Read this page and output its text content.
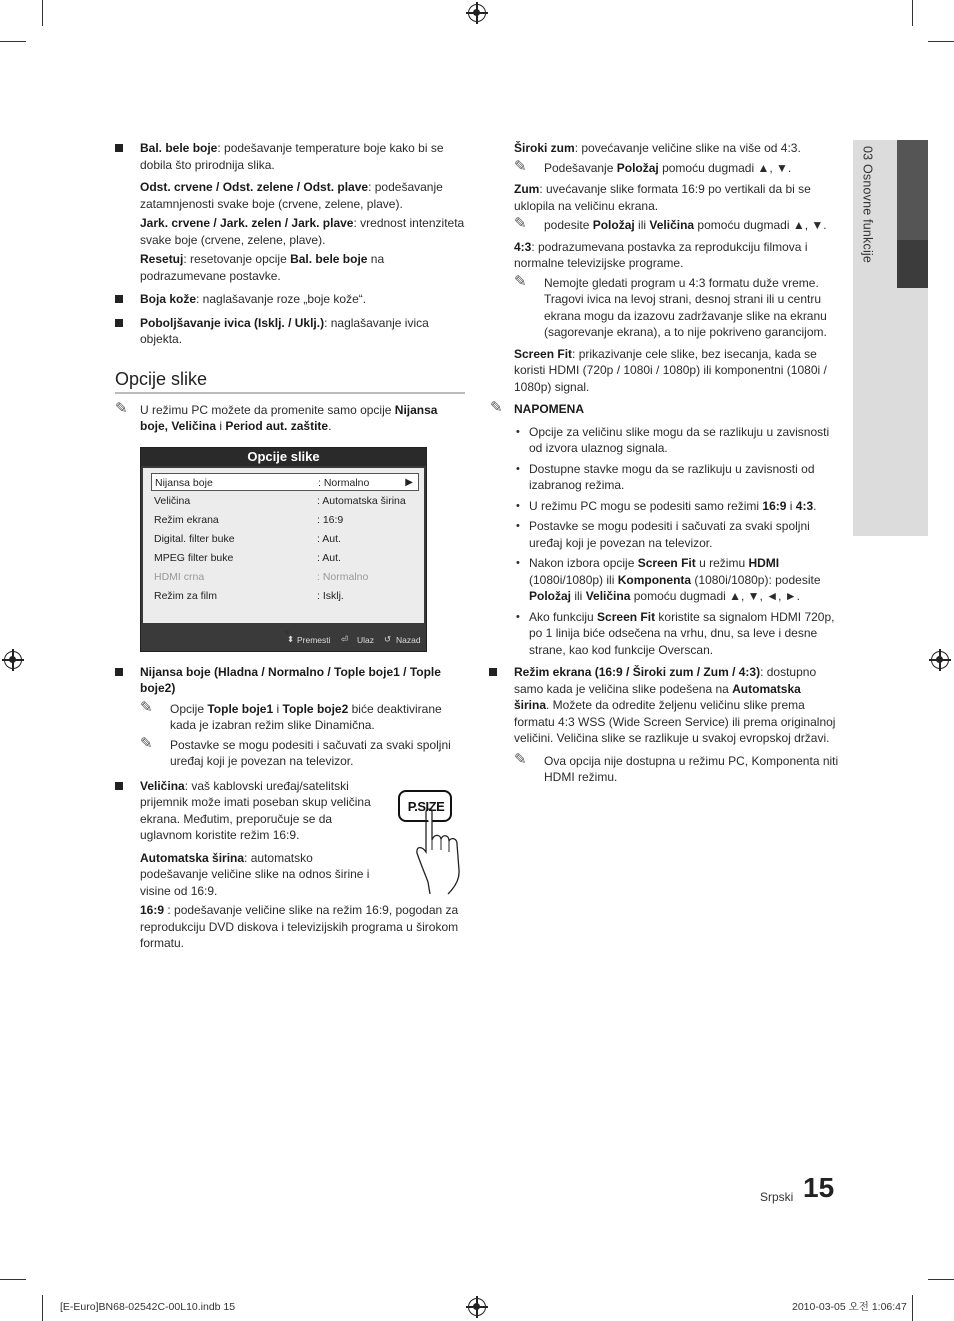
03 Osnovne funkcije
Bal. bele boje: podešavanje temperature boje kako bi se dobila što prirodnija slika.

Odst. crvene / Odst. zelene / Odst. plave: podešavanje zatamnjenosti svake boje (crvene, zelene, plave).

Jark. crvene / Jark. zelen / Jark. plave: vrednost intenziteta svake boje (crvene, zelene, plave).

Resetuj: resetovanje opcije Bal. bele boje na podrazumevane postavke.

Boja kože: naglašavanje roze „boje kože“.
Poboljšavanje ivica (Isklj. / Uklj.): naglašavanje ivica objekta.
Opcije slike
✎ U režimu PC možete da promenite samo opcije Nijansa boje, Veličina i Period aut. zaštite.
Opcije slike
Nijansa boje	: Normalno	▶
Veličina	: Automatska širina
Režim ekrana	: 16:9
Digital. filter buke	: Aut.
MPEG filter buke	: Aut.
HDMI crna	: Normalno
Režim za film	: Isklj.
▼
⬍ Premesti ⏎ Ulaz ↺ Nazad
Nijansa boje (Hladna / Normalno / Tople boje1 / Tople boje2)
✎ Opcije Tople boje1 i Tople boje2 biće deaktivirane kada je izabran režim slike Dinamična.
✎ Postavke se mogu podesiti i sačuvati za svaki spoljni uređaj koji je povezan na televizor.
Veličina: vaš kablovski uređaj/satelitski prijemnik može imati poseban skup veličina ekrana. Međutim, preporučuje se da uglavnom koristite režim 16:9.

Automatska širina: automatsko podešavanje veličine slike na odnos širine i visine od 16:9.

16:9 : podešavanje veličine slike na režim 16:9, pogodan za reprodukciju DVD diskova i televizijskih programa u širokom formatu.

P.SIZE

Široki zum: povećavanje veličine slike na više od 4:3.

✎ Podešavanje Položaj pomoću dugmadi ▲, ▼.

Zum: uvećavanje slike formata 16:9 po vertikali da bi se uklopila na veličinu ekrana.

✎ podesite Položaj ili Veličina pomoću dugmadi ▲, ▼.

4:3: podrazumevana postavka za reprodukciju filmova i normalne televizijske programe.

✎ Nemojte gledati program u 4:3 formatu duže vreme. Tragovi ivica na levoj strani, desnoj strani ili u centru ekrana mogu da izazovu zadržavanje slike na ekranu (sagorevanje ekrana), a to nije pokriveno garancijom.

Screen Fit: prikazivanje cele slike, bez isecanja, kada se koristi HDMI (720p / 1080i / 1080p) ili komponentni (1080i / 1080p) signal.

✎ NAPOMENA
• Opcije za veličinu slike mogu da se razlikuju u zavisnosti od izvora ulaznog signala.
• Dostupne stavke mogu da se razlikuju u zavisnosti od izabranog režima.
• U režimu PC mogu se podesiti samo režimi 16:9 i 4:3.
• Postavke se mogu podesiti i sačuvati za svaki spoljni uređaj koji je povezan na televizor.
• Nakon izbora opcije Screen Fit u režimu HDMI (1080i/1080p) ili Komponenta (1080i/1080p): podesite Položaj ili Veličina pomoću dugmadi ▲, ▼, ◄, ►.
• Ako funkciju Screen Fit koristite sa signalom HDMI 720p, po 1 linija biće odsečena na vrhu, dnu, sa leve i desne strane, kao kod funkcije Overscan.
Režim ekrana (16:9 / Široki zum / Zum / 4:3): dostupno samo kada je veličina slike podešena na Automatska širina. Možete da odredite željenu veličinu slike prema formatu 4:3 WSS (Wide Screen Service) ili prema originalnoj veličini. Veličina slike se razlikuje u svakoj evropskoj državi.
✎ Ova opcija nije dostupna u režimu PC, Komponenta niti HDMI režimu.
Srpski 15
[E-Euro]BN68-02542C-00L10.indb 15	2010-03-05 오전 1:06:47
